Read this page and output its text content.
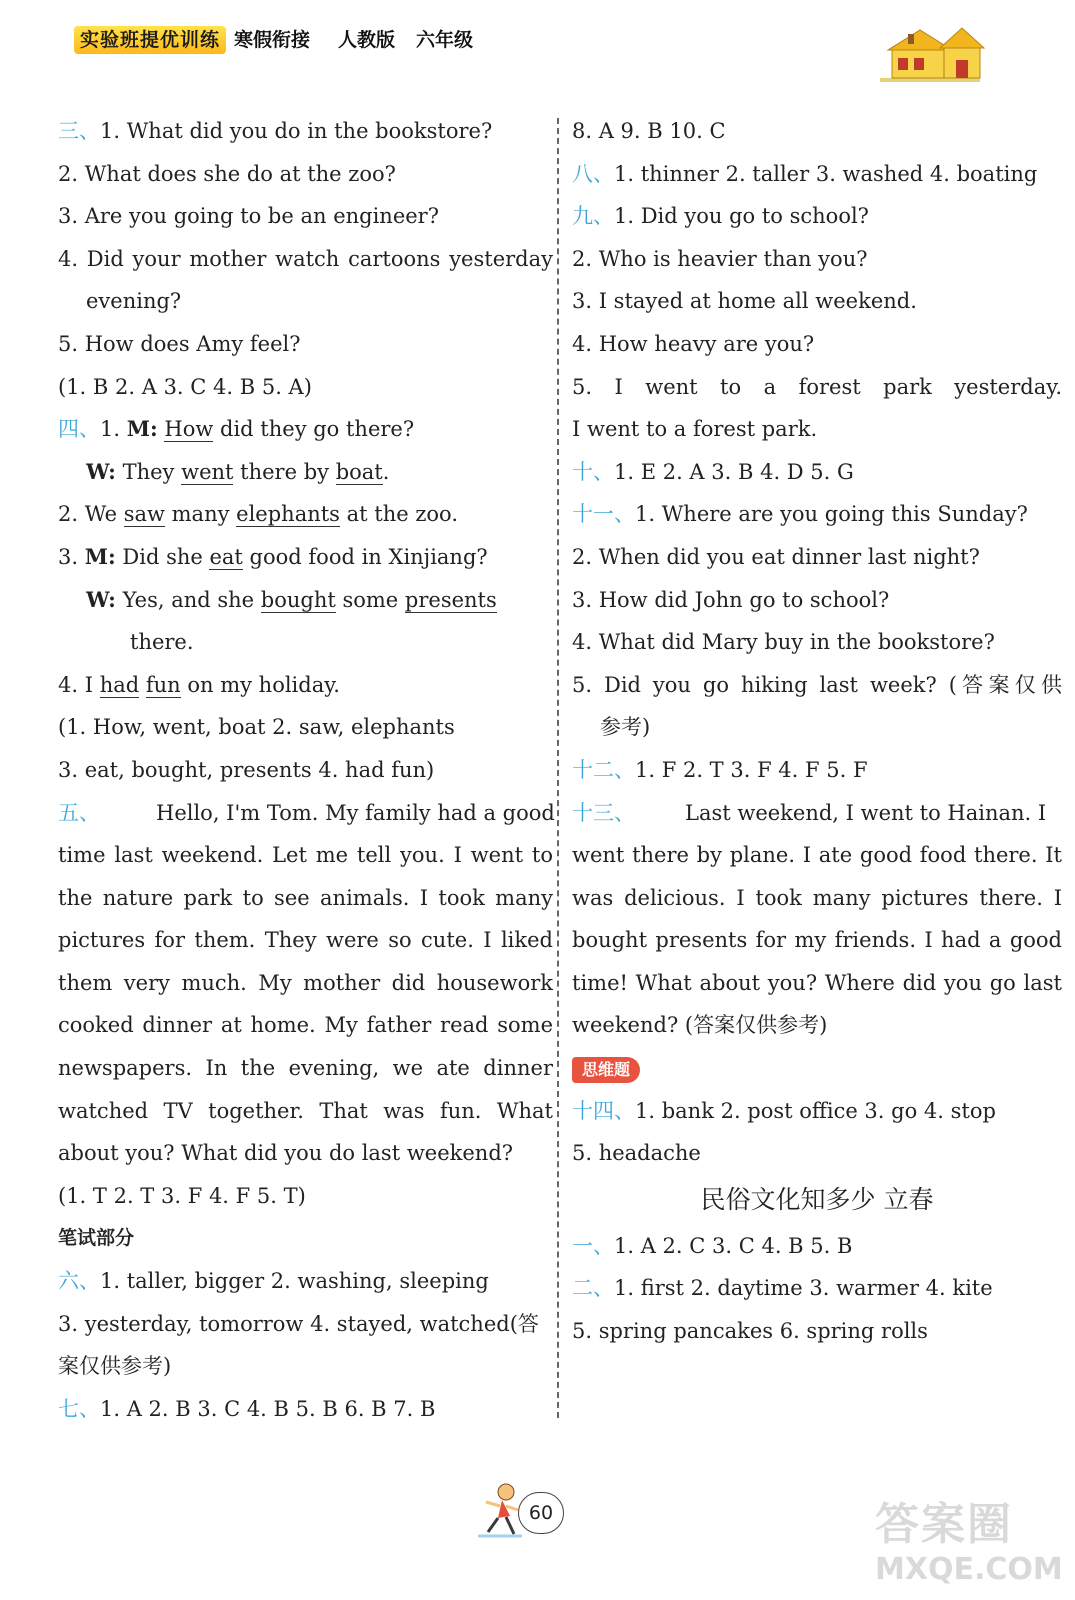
实验班提优训练 寒假衔接 人教版 六年级
三、1. What did you do in the bookstore?
2. What does she do at the zoo?
3. Are you going to be an engineer?
4. Did your mother watch cartoons yesterday
evening?
5. How does Amy feel?
(1. B 2. A 3. C 4. B 5. A)
四、1. M: How did they go there?
W: They went there by boat.
2. We saw many elephants at the zoo.
3. M: Did she eat good food in Xinjiang?
W: Yes, and she bought some presents
there.
4. I had fun on my holiday.
(1. How, went, boat 2. saw, elephants
3. eat, bought, presents 4. had fun)
五、	Hello, I'm Tom. My family had a good
time last weekend. Let me tell you. I went to
the nature park to see animals. I took many
pictures for them. They were so cute. I liked
them very much. My mother did housework
cooked dinner at home. My father read some
newspapers. In the evening, we ate dinner
watched TV together. That was fun. What
about you? What did you do last weekend?
(1. T 2. T 3. F 4. F 5. T)
笔试部分
六、1. taller, bigger 2. washing, sleeping
3. yesterday, tomorrow 4. stayed, watched(答
案仅供参考)
七、1. A 2. B 3. C 4. B 5. B 6. B 7. B
8. A 9. B 10. C
八、1. thinner 2. taller 3. washed 4. boating
九、1. Did you go to school?
2. Who is heavier than you?
3. I stayed at home all weekend.
4. How heavy are you?
5. I went to a forest park yesterday.
I went to a forest park.
十、1. E 2. A 3. B 4. D 5. G
十一、1. Where are you going this Sunday?
2. When did you eat dinner last night?
3. How did John go to school?
4. What did Mary buy in the bookstore?
5. Did you go hiking last week? (答案仅供
参考)
十二、1. F 2. T 3. F 4. F 5. F
十三、 Last weekend, I went to Hainan. I
went there by plane. I ate good food there. It
was delicious. I took many pictures there. I
bought presents for my friends. I had a good
time! What about you? Where did you go last
weekend? (答案仅供参考)
思维题
十四、1. bank 2. post office 3. go 4. stop
5. headache
民俗文化知多少 立春
一、1. A 2. C 3. C 4. B 5. B
二、1. first 2. daytime 3. warmer 4. kite
5. spring pancakes 6. spring rolls
60	答案圈
MXQE.COM
